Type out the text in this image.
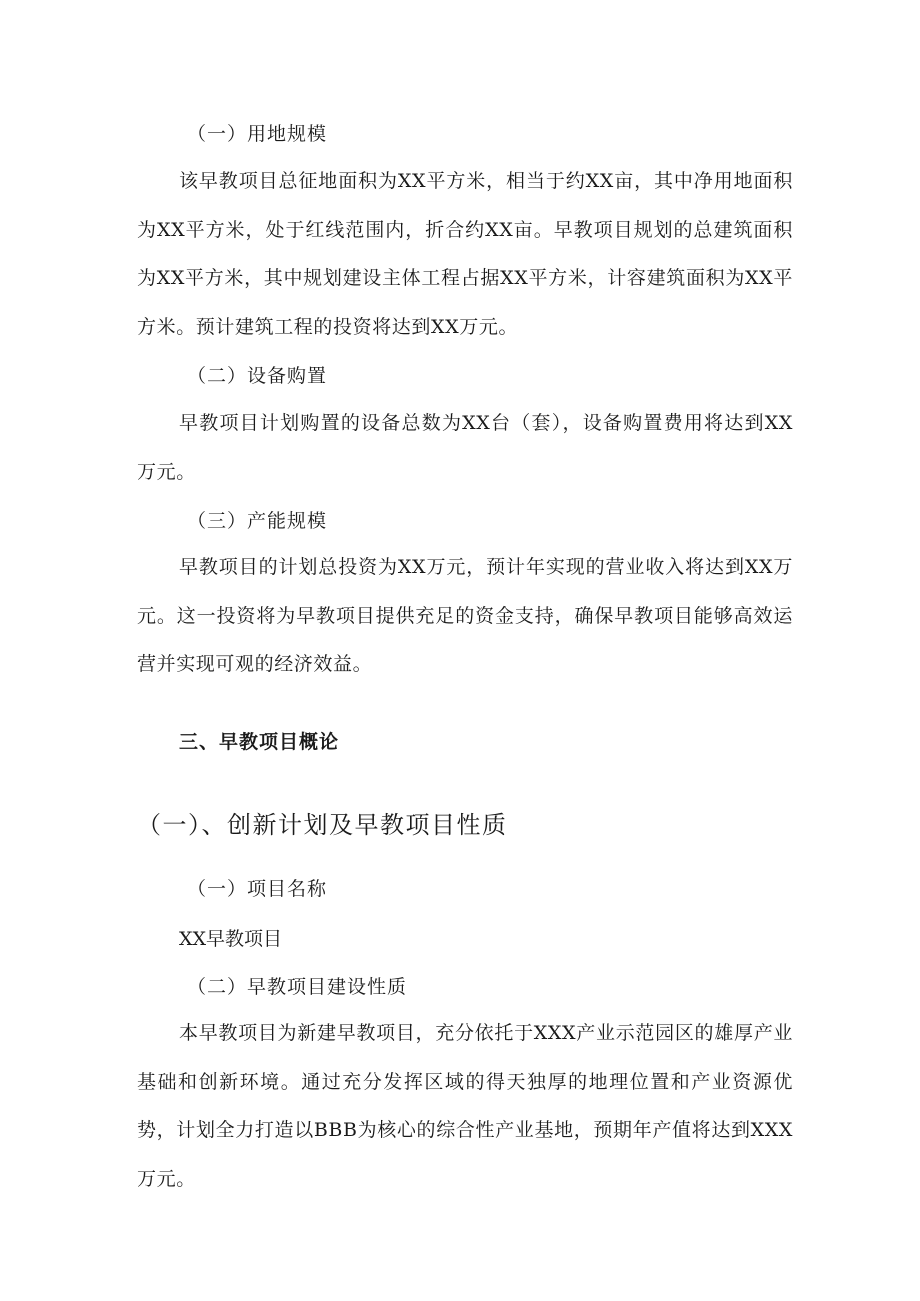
（一）用地规模
该早教项目总征地面积为XX平方米，相当于约XX亩，其中净用地面积为XX平方米，处于红线范围内，折合约XX亩。早教项目规划的总建筑面积为XX平方米，其中规划建设主体工程占据XX平方米，计容建筑面积为XX平方米。预计建筑工程的投资将达到XX万元。
（二）设备购置
早教项目计划购置的设备总数为XX台（套），设备购置费用将达到XX万元。
（三）产能规模
早教项目的计划总投资为XX万元，预计年实现的营业收入将达到XX万元。这一投资将为早教项目提供充足的资金支持，确保早教项目能够高效运营并实现可观的经济效益。
三、早教项目概论
（一）、创新计划及早教项目性质
（一）项目名称
XX早教项目
（二）早教项目建设性质
本早教项目为新建早教项目，充分依托于XXX产业示范园区的雄厚产业基础和创新环境。通过充分发挥区域的得天独厚的地理位置和产业资源优势，计划全力打造以BBB为核心的综合性产业基地，预期年产值将达到XXX万元。
